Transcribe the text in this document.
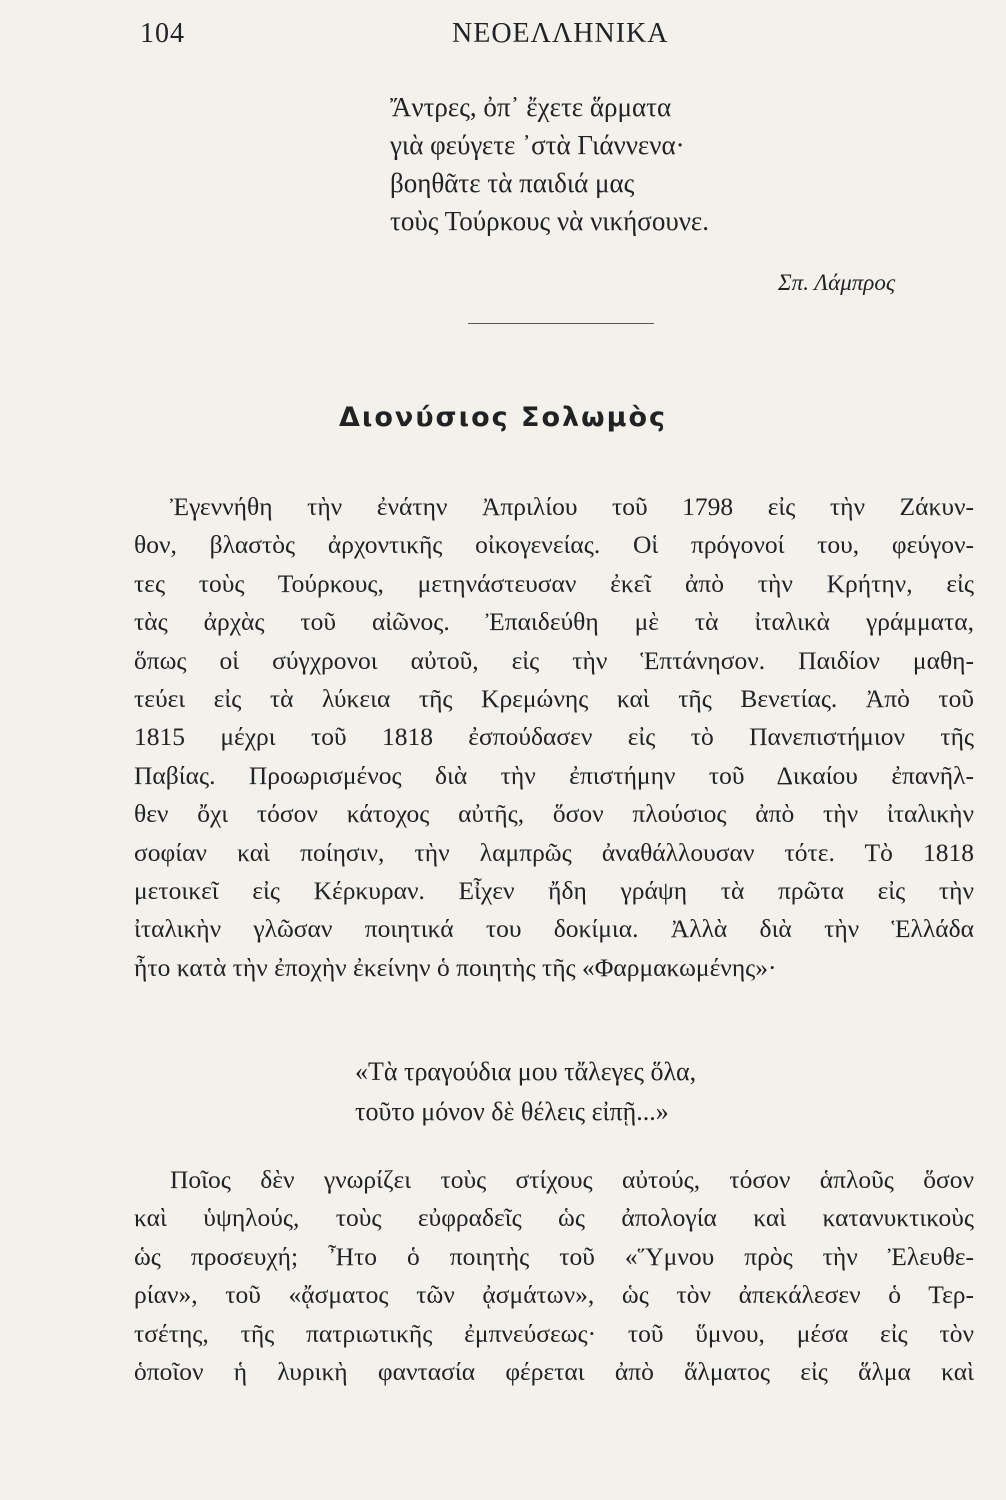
104	ΝΕΟΕΛΛΗΝΙΚΑ
Ἄντρες, ὀπ᾽ ἔχετε ἅρματα
γιὰ φεύγετε ᾽στὰ Γιάννενα·
βοηθᾶτε τὰ παιδιά μας
τοὺς Τούρκους νὰ νικήσουνε.
Σπ. Λάμπρος
Διονύσιος Σολωμὸς
Ἐγεννήθη τὴν ἐνάτην Ἀπριλίου τοῦ 1798 εἰς τὴν Ζάκυν-
θον, βλαστὸς ἀρχοντικῆς οἰκογενείας. Οἱ πρόγονοί του, φεύγον-
τες τοὺς Τούρκους, μετηνάστευσαν ἐκεῖ ἀπὸ τὴν Κρήτην, εἰς
τὰς ἀρχὰς τοῦ αἰῶνος. Ἐπαιδεύθη μὲ τὰ ἰταλικὰ γράμματα,
ὅπως οἱ σύγχρονοι αὐτοῦ, εἰς τὴν Ἑπτάνησον. Παιδίον μαθη-
τεύει εἰς τὰ λύκεια τῆς Κρεμώνης καὶ τῆς Βενετίας. Ἀπὸ τοῦ
1815 μέχρι τοῦ 1818 ἐσπούδασεν εἰς τὸ Πανεπιστήμιον τῆς
Παβίας. Προωρισμένος διὰ τὴν ἐπιστήμην τοῦ Δικαίου ἐπανῆλ-
θεν ὄχι τόσον κάτοχος αὐτῆς, ὅσον πλούσιος ἀπὸ τὴν ἰταλικὴν
σοφίαν καὶ ποίησιν, τὴν λαμπρῶς ἀναθάλλουσαν τότε. Τὸ 1818
μετοικεῖ εἰς Κέρκυραν. Εἶχεν ἤδη γράψη τὰ πρῶτα εἰς τὴν
ἰταλικὴν γλῶσαν ποιητικά του δοκίμια. Ἀλλὰ διὰ τὴν Ἑλλάδα
ἦτο κατὰ τὴν ἐποχὴν ἐκείνην ὁ ποιητὴς τῆς «Φαρμακωμένης»·
«Τὰ τραγούδια μου τἄλεγες ὅλα,
τοῦτο μόνον δὲ θέλεις εἰπῇ...»
Ποῖος δὲν γνωρίζει τοὺς στίχους αὐτούς, τόσον ἁπλοῦς ὅσον
καὶ ὑψηλούς, τοὺς εὐφραδεῖς ὡς ἀπολογία καὶ κατανυκτικοὺς
ὡς προσευχή; Ἦτο ὁ ποιητὴς τοῦ «Ὕμνου πρὸς τὴν Ἐλευθε-
ρίαν», τοῦ «ᾄσματος τῶν ᾀσμάτων», ὡς τὸν ἀπεκάλεσεν ὁ Τερ-
τσέτης, τῆς πατριωτικῆς ἐμπνεύσεως· τοῦ ὕμνου, μέσα εἰς τὸν
ὁποῖον ἡ λυρικὴ φαντασία φέρεται ἀπὸ ἅλματος εἰς ἅλμα καὶ
